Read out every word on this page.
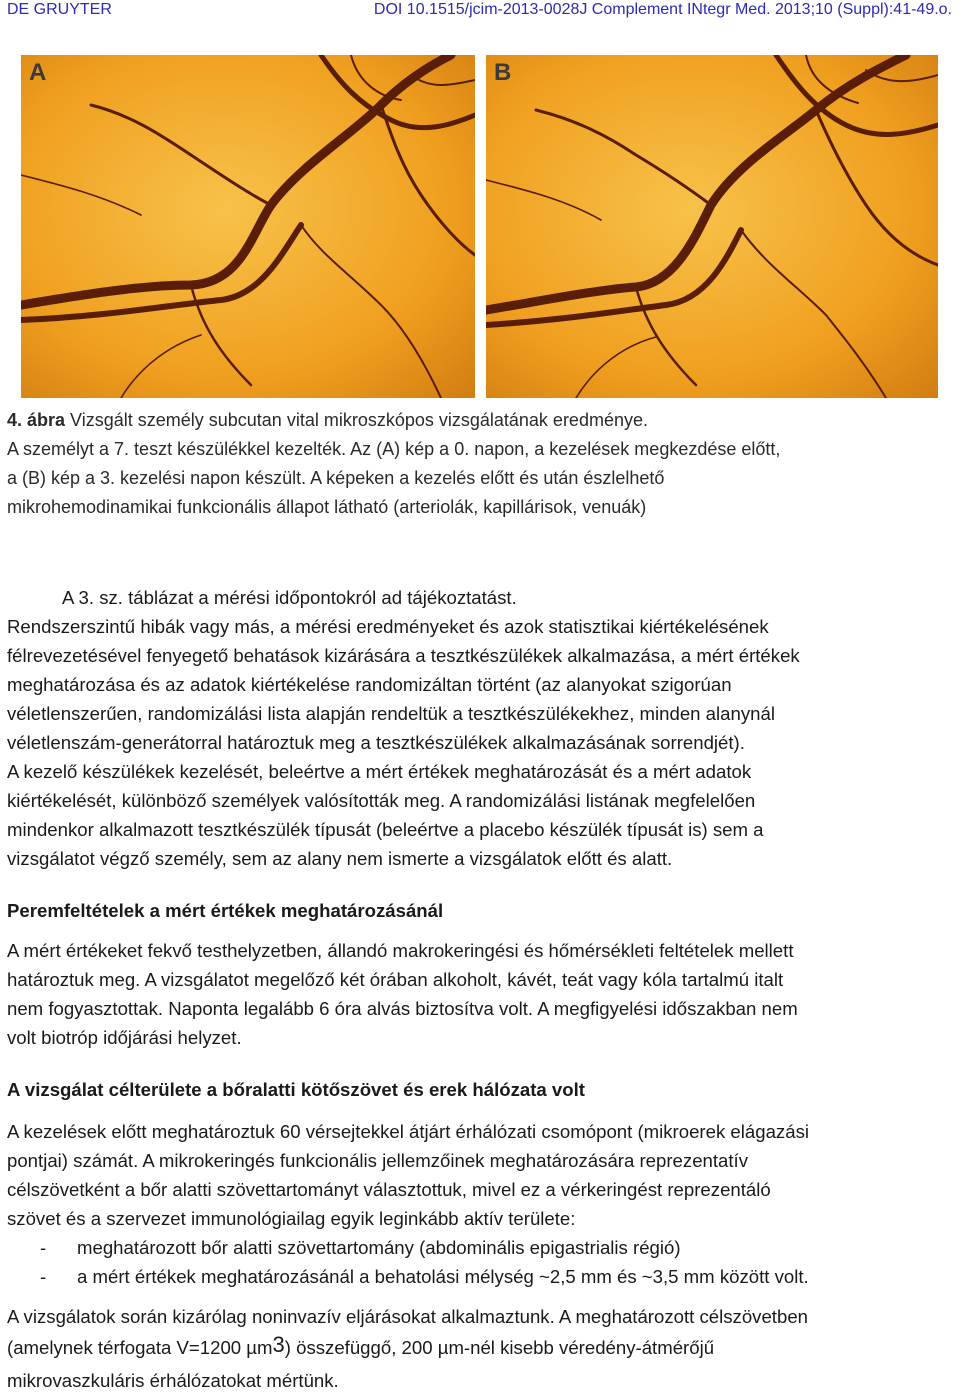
DE GRUYTER	DOI 10.1515/jcim-2013-0028J Complement INtegr Med. 2013;10 (Suppl):41-49.o.
A	B
4. ábra Vizsgált személy subcutan vital mikroszkópos vizsgálatának eredménye.
A személyt a 7. teszt készülékkel kezelték. Az (A) kép a 0. napon, a kezelések megkezdése előtt,
a (B) kép a 3. kezelési napon készült. A képeken a kezelés előtt és után észlelhető
mikrohemodinamikai funkcionális állapot látható (arteriolák, kapillárisok, venuák)

A 3. sz. táblázat a mérési időpontokról ad tájékoztatást.

Rendszerszintű hibák vagy más, a mérési eredményeket és azok statisztikai kiértékelésének
félrevezetésével fenyegető behatások kizárására a tesztkészülékek alkalmazása, a mért értékek
meghatározása és az adatok kiértékelése randomizáltan történt (az alanyokat szigorúan
véletlenszerűen, randomizálási lista alapján rendeltük a tesztkészülékekhez, minden alanynál
véletlenszám-generátorral határoztuk meg a tesztkészülékek alkalmazásának sorrendjét).
A kezelő készülékek kezelését, beleértve a mért értékek meghatározását és a mért adatok
kiértékelését, különböző személyek valósították meg. A randomizálási listának megfelelően
mindenkor alkalmazott tesztkészülék típusát (beleértve a placebo készülék típusát is) sem a
vizsgálatot végző személy, sem az alany nem ismerte a vizsgálatok előtt és alatt.

Peremfeltételek a mért értékek meghatározásánál

A mért értékeket fekvő testhelyzetben, állandó makrokeringési és hőmérsékleti feltételek mellett
határoztuk meg. A vizsgálatot megelőző két órában alkoholt, kávét, teát vagy kóla tartalmú italt
nem fogyasztottak. Naponta legalább 6 óra alvás biztosítva volt. A megfigyelési időszakban nem
volt biotróp időjárási helyzet.

A vizsgálat célterülete a bőralatti kötőszövet és erek hálózata volt

A kezelések előtt meghatároztuk 60 vérsejtekkel átjárt érhálózati csomópont (mikroerek elágazási
pontjai) számát. A mikrokeringés funkcionális jellemzőinek meghatározására reprezentatív
célszövetként a bőr alatti szövettartományt választottuk, mivel ez a vérkeringést reprezentáló
szövet és a szervezet immunológiailag egyik leginkább aktív területe:

- meghatározott bőr alatti szövettartomány (abdominális epigastrialis régió)
- a mért értékek meghatározásánál a behatolási mélység ~2,5 mm és ~3,5 mm között volt.

A vizsgálatok során kizárólag noninvazív eljárásokat alkalmaztunk. A meghatározott célszövetben

(amelynek térfogata V=1200 µm$^3$) összefüggő, 200 µm-nél kisebb véredény-átmérőjű

mikrovaszkuláris érhálózatokat mértünk.
